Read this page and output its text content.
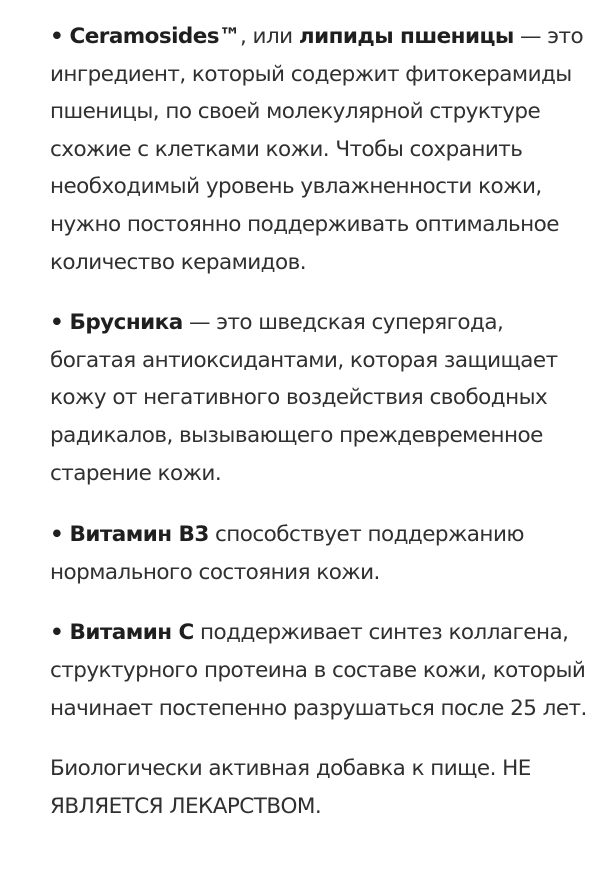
• Ceramosides™, или липиды пшеницы — это ингредиент, который содержит фитокерамиды пшеницы, по своей молекулярной структуре схожие с клетками кожи. Чтобы сохранить необходимый уровень увлажненности кожи, нужно постоянно поддерживать оптимальное количество керамидов.

• Брусника — это шведская суперягода, богатая антиоксидантами, которая защищает кожу от негативного воздействия свободных радикалов, вызывающего преждевременное старение кожи.

• Витамин В3 способствует поддержанию нормального состояния кожи.

• Витамин С поддерживает синтез коллагена, структурного протеина в составе кожи, который начинает постепенно разрушаться после 25 лет.

Биологически активная добавка к пище. НЕ ЯВЛЯЕТСЯ ЛЕКАРСТВОМ.
